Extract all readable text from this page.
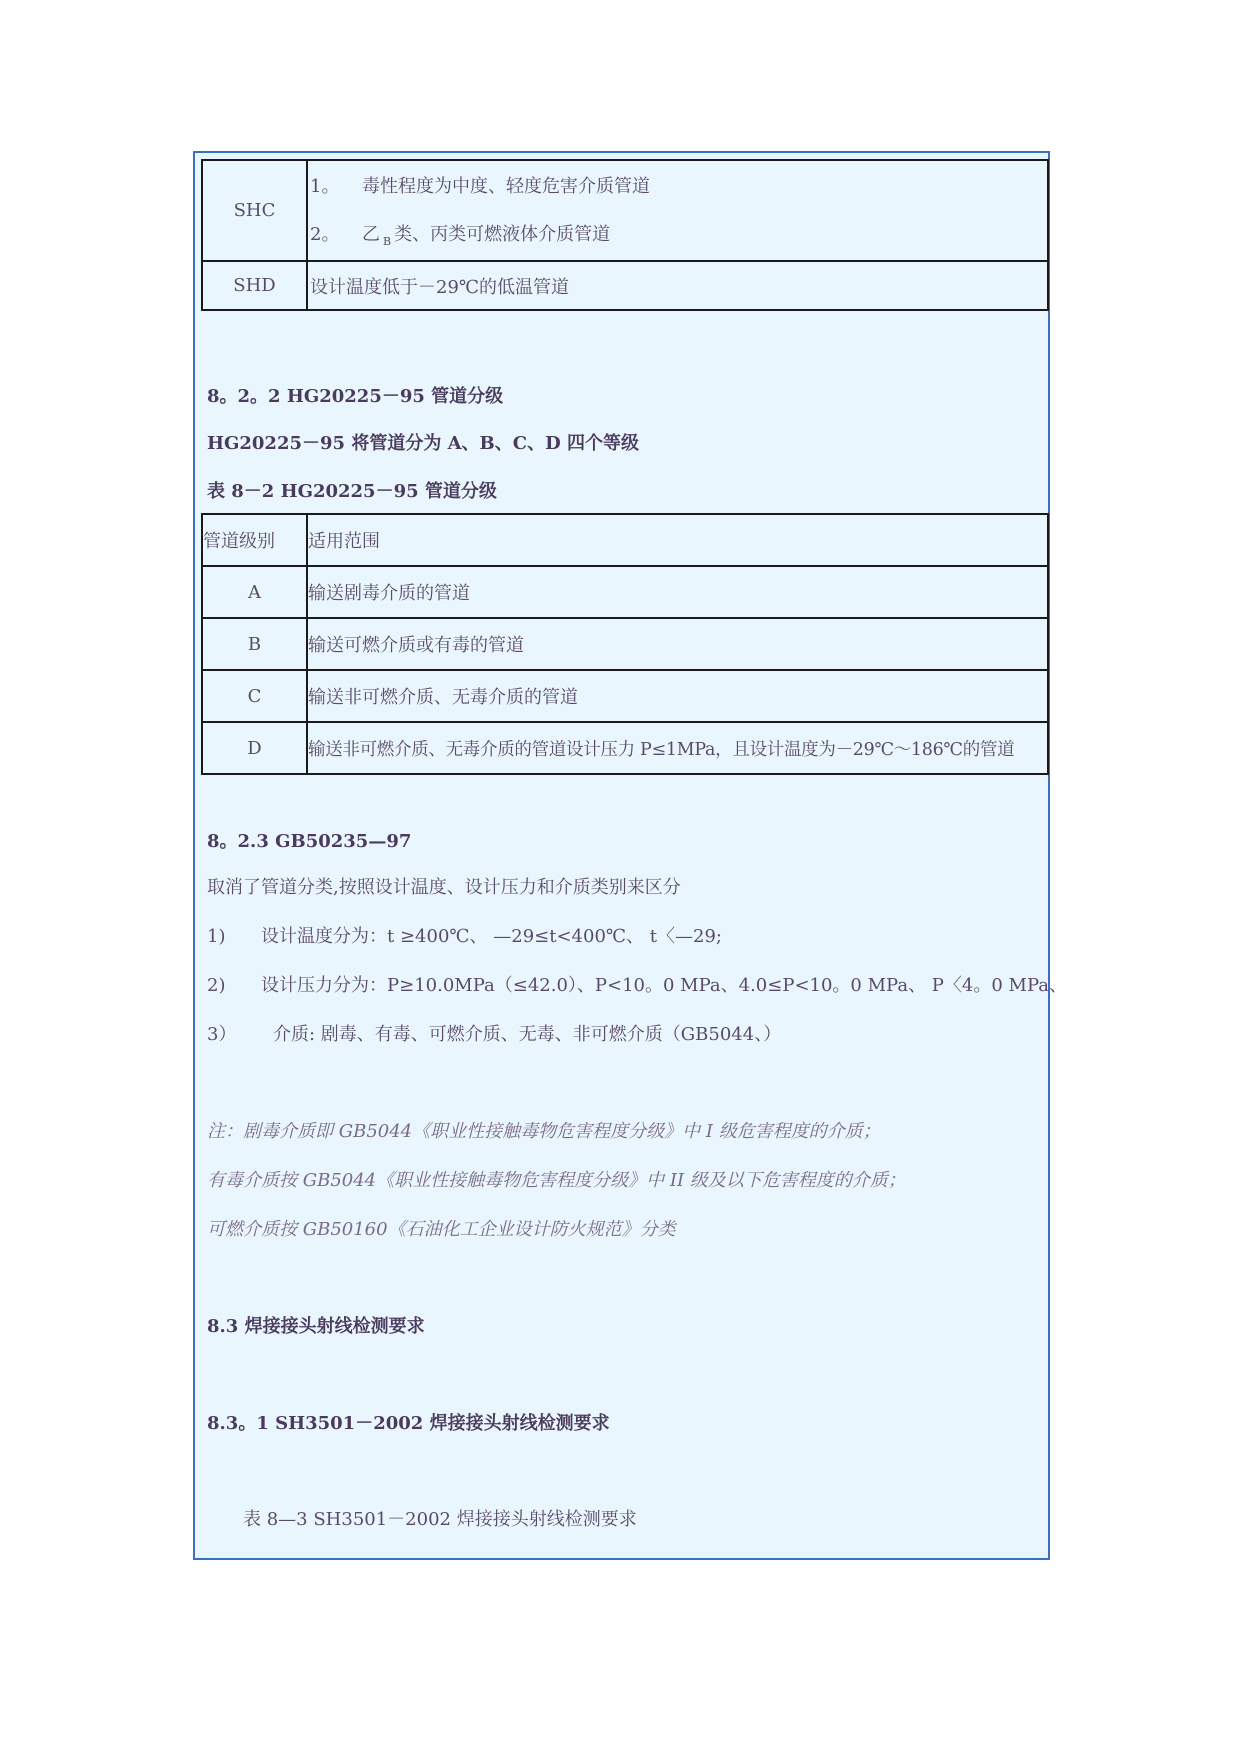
SHC	1。 毒性程度为中度、轻度危害介质管道
2。 乙 $_B$ 类、丙类可燃液体介质管道

SHD	设计温度低于－29℃的低温管道
8。2。2 HG20225－95 管道分级
HG20225－95 将管道分为 A、B、C、D 四个等级
表 8－2 HG20225－95 管道分级
管道级别	适用范围
A	输送剧毒介质的管道
B	输送可燃介质或有毒的管道
C	输送非可燃介质、无毒介质的管道
D	输送非可燃介质、无毒介质的管道设计压力 P≤1MPa，且设计温度为－29℃～186℃的管道
8。2.3 GB50235—97
取消了管道分类,按照设计温度、设计压力和介质类别来区分
1) 设计温度分为：t ≥400℃、 —29≤t<400℃、 t〈—29;
2) 设计压力分为：P≥10.0MPa（≤42.0）、P<10。0 MPa、4.0≤P<10。0 MPa、 P〈4。0 MPa、
3） 介质: 剧毒、有毒、可燃介质、无毒、非可燃介质（GB5044、）
注：剧毒介质即 GB5044《职业性接触毒物危害程度分级》中 I 级危害程度的介质；
有毒介质按 GB5044《职业性接触毒物危害程度分级》中 II 级及以下危害程度的介质；
可燃介质按 GB50160《石油化工企业设计防火规范》分类
8.3 焊接接头射线检测要求
8.3。1 SH3501－2002 焊接接头射线检测要求
表 8—3 SH3501－2002 焊接接头射线检测要求
